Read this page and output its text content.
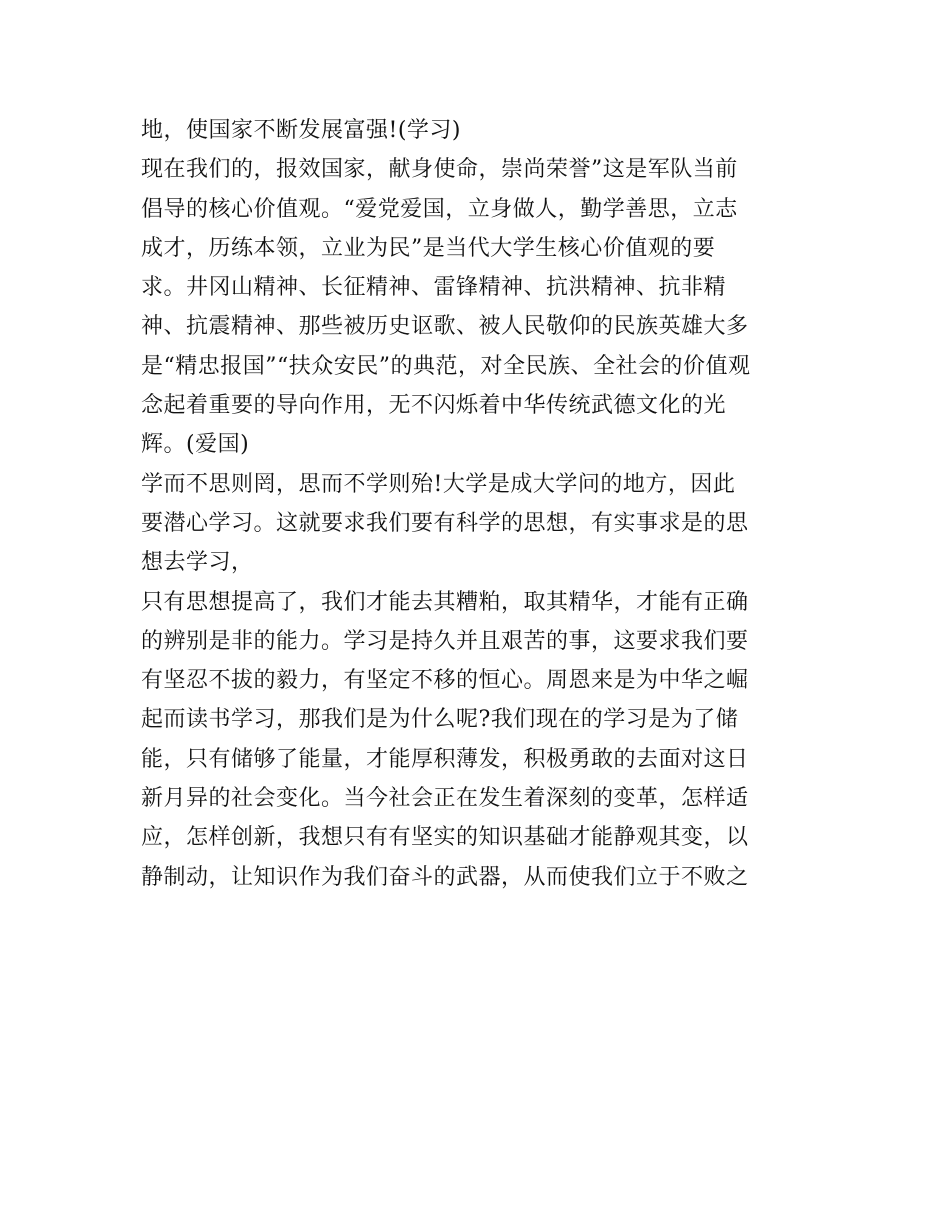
地，使国家不断发展富强!(学习)
现在我们的，报效国家，献身使命，崇尚荣誉”这是军队当前
倡导的核心价值观。“爱党爱国，立身做人，勤学善思，立志
成才，历练本领，立业为民”是当代大学生核心价值观的要
求。井冈山精神、长征精神、雷锋精神、抗洪精神、抗非精
神、抗震精神、那些被历史讴歌、被人民敬仰的民族英雄大多
是“精忠报国”“扶众安民”的典范，对全民族、全社会的价值观
念起着重要的导向作用，无不闪烁着中华传统武德文化的光
辉。(爱国)
学而不思则罔，思而不学则殆!大学是成大学问的地方，因此
要潜心学习。这就要求我们要有科学的思想，有实事求是的思
想去学习，
只有思想提高了，我们才能去其糟粕，取其精华，才能有正确
的辨别是非的能力。学习是持久并且艰苦的事，这要求我们要
有坚忍不拔的毅力，有坚定不移的恒心。周恩来是为中华之崛
起而读书学习，那我们是为什么呢?我们现在的学习是为了储
能，只有储够了能量，才能厚积薄发，积极勇敢的去面对这日
新月异的社会变化。当今社会正在发生着深刻的变革，怎样适
应，怎样创新，我想只有有坚实的知识基础才能静观其变，以
静制动，让知识作为我们奋斗的武器，从而使我们立于不败之
